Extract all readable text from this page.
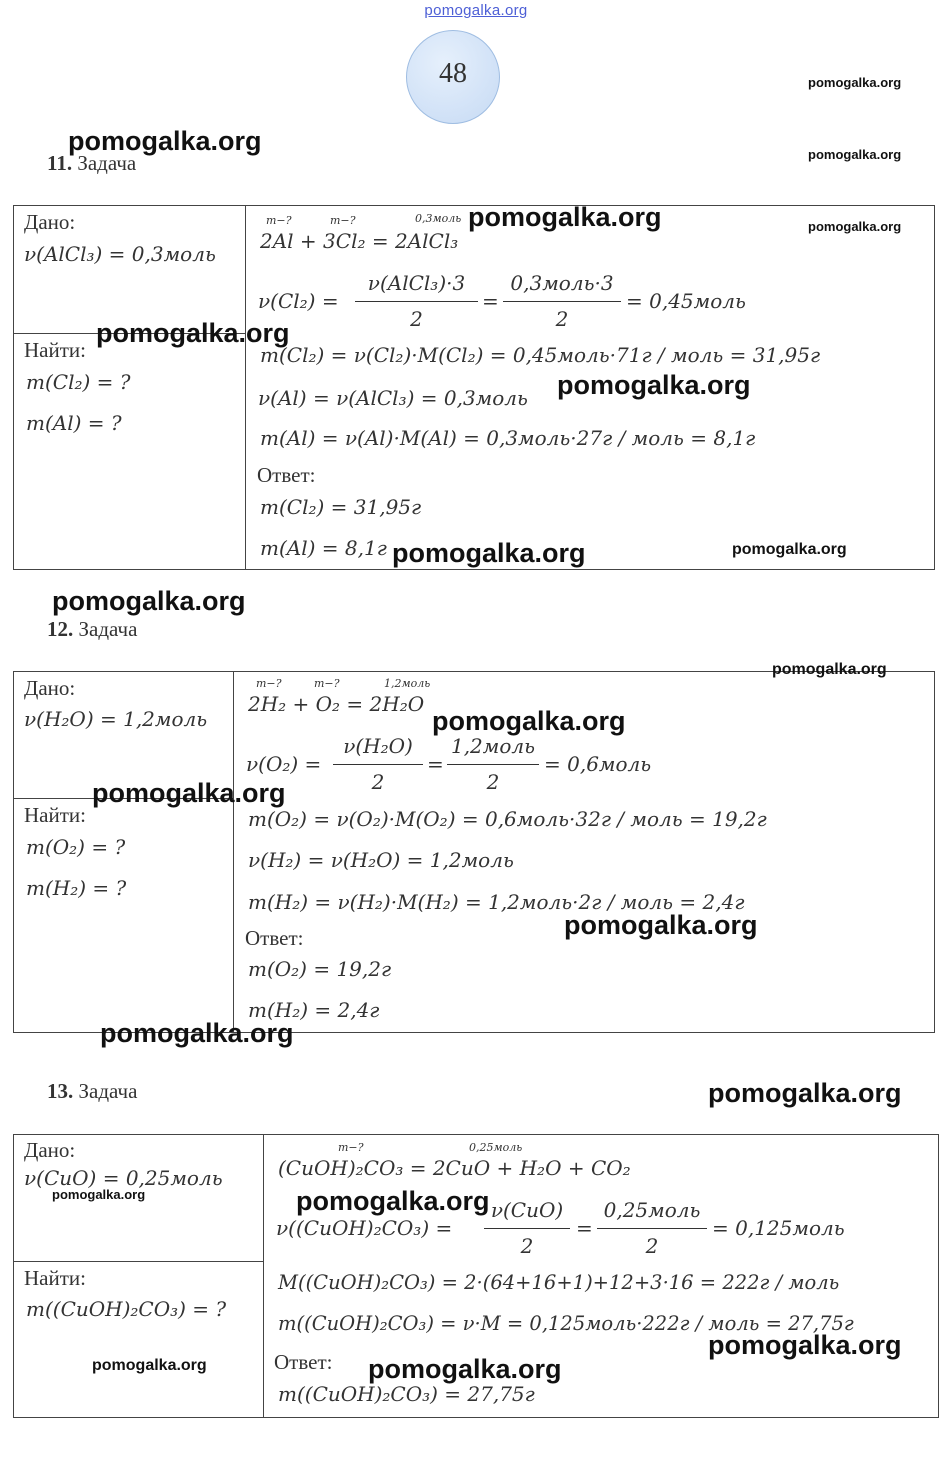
pomogalka.org
48
11. Задача
Дано:
ν(AlCl₃) = 0,3моль
Найти:
m(Cl₂) = ?
m(Al) = ?
m−?	m−?	0,3моль
2Al + 3Cl₂ = 2AlCl₃
ν(Cl₂) =
ν(AlCl₃)·3
2
=
0,3моль·3
2
= 0,45моль
m(Cl₂) = ν(Cl₂)·M(Cl₂) = 0,45моль·71г / моль = 31,95г
ν(Al) = ν(AlCl₃) = 0,3моль
m(Al) = ν(Al)·M(Al) = 0,3моль·27г / моль = 8,1г
Ответ:
m(Cl₂) = 31,95г
m(Al) = 8,1г
12. Задача
Дано:
ν(H₂O) = 1,2моль
Найти:
m(O₂) = ?
m(H₂) = ?
m−?	m−?	1,2моль
2H₂ + O₂ = 2H₂O
ν(O₂) =
ν(H₂O)
2
=
1,2моль
2
= 0,6моль
m(O₂) = ν(O₂)·M(O₂) = 0,6моль·32г / моль = 19,2г
ν(H₂) = ν(H₂O) = 1,2моль
m(H₂) = ν(H₂)·M(H₂) = 1,2моль·2г / моль = 2,4г
Ответ:
m(O₂) = 19,2г
m(H₂) = 2,4г
13. Задача
Дано:
ν(CuO) = 0,25моль
Найти:
m((CuOH)₂CO₃) = ?
m−?	0,25моль
(CuOH)₂CO₃ = 2CuO + H₂O + CO₂
ν((CuOH)₂CO₃) =
ν(CuO)
2
=
0,25моль
2
= 0,125моль
M((CuOH)₂CO₃) = 2·(64+16+1)+12+3·16 = 222г / моль
m((CuOH)₂CO₃) = ν·M = 0,125моль·222г / моль = 27,75г
Ответ:
m((CuOH)₂CO₃) = 27,75г
pomogalka.org
pomogalka.org
pomogalka.org
pomogalka.org
pomogalka.org
pomogalka.org
pomogalka.org
pomogalka.org	pomogalka.org
pomogalka.org
pomogalka.org
pomogalka.org
pomogalka.org
pomogalka.org
pomogalka.org
pomogalka.org
pomogalka.org	pomogalka.org
pomogalka.org
pomogalka.org	pomogalka.org
